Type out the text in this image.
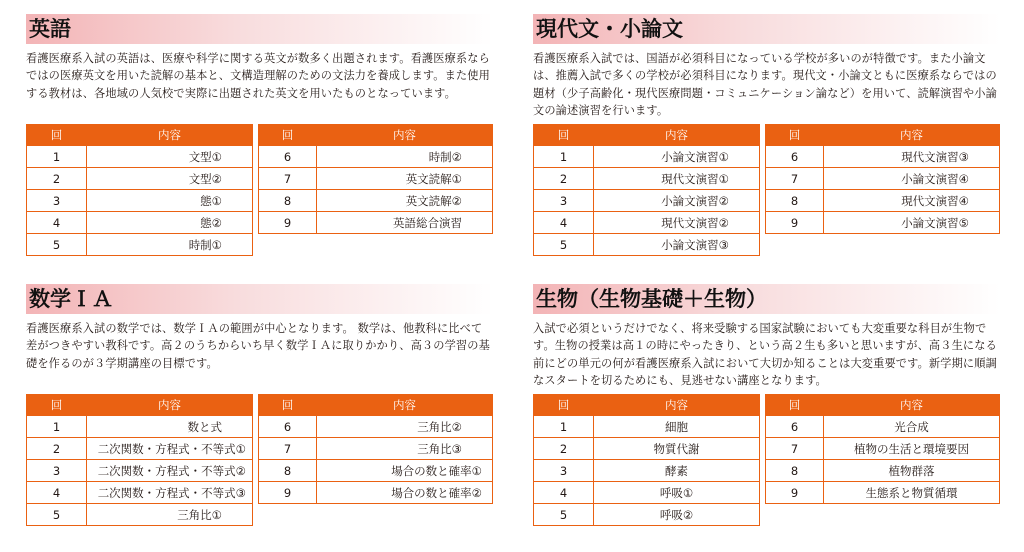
英語

看護医療系入試の英語は、医療や科学に関する英文が数多く出題されます。看護医療系ならではの医療英文を用いた読解の基本と、文構造理解のための文法力を養成します。また使用する教材は、各地域の人気校で実際に出題された英文を用いたものとなっています。

回	内容
1	文型①
2	文型②
3	態①
4	態②
5	時制①
回	内容
6	時制②
7	英文読解①
8	英文読解②
9	英語総合演習
現代文・小論文

看護医療系入試では、国語が必須科目になっている学校が多いのが特徴です。また小論文は、推薦入試で多くの学校が必須科目になります。現代文・小論文ともに医療系ならではの題材（少子高齢化・現代医療問題・コミュニケーション論など）を用いて、読解演習や小論文の論述演習を行います。

回	内容
1	小論文演習①
2	現代文演習①
3	小論文演習②
4	現代文演習②
5	小論文演習③
回	内容
6	現代文演習③
7	小論文演習④
8	現代文演習④
9	小論文演習⑤
数学ＩＡ

看護医療系入試の数学では、数学ＩＡの範囲が中心となります。 数学は、他教科に比べて差がつきやすい教科です。高２のうちからいち早く数学ＩＡに取りかかり、高３の学習の基礎を作るのが３学期講座の目標です。

回	内容
1	数と式
2	二次関数・方程式・不等式①
3	二次関数・方程式・不等式②
4	二次関数・方程式・不等式③
5	三角比①
回	内容
6	三角比②
7	三角比③
8	場合の数と確率①
9	場合の数と確率②
生物（生物基礎＋生物）

入試で必須というだけでなく、将来受験する国家試験においても大変重要な科目が生物です。生物の授業は高１の時にやったきり、という高２生も多いと思いますが、高３生になる前にどの単元の何が看護医療系入試において大切か知ることは大変重要です。新学期に順調なスタートを切るためにも、見逃せない講座となります。

回	内容
1	細胞
2	物質代謝
3	酵素
4	呼吸①
5	呼吸②
回	内容
6	光合成
7	植物の生活と環境要因
8	植物群落
9	生態系と物質循環
